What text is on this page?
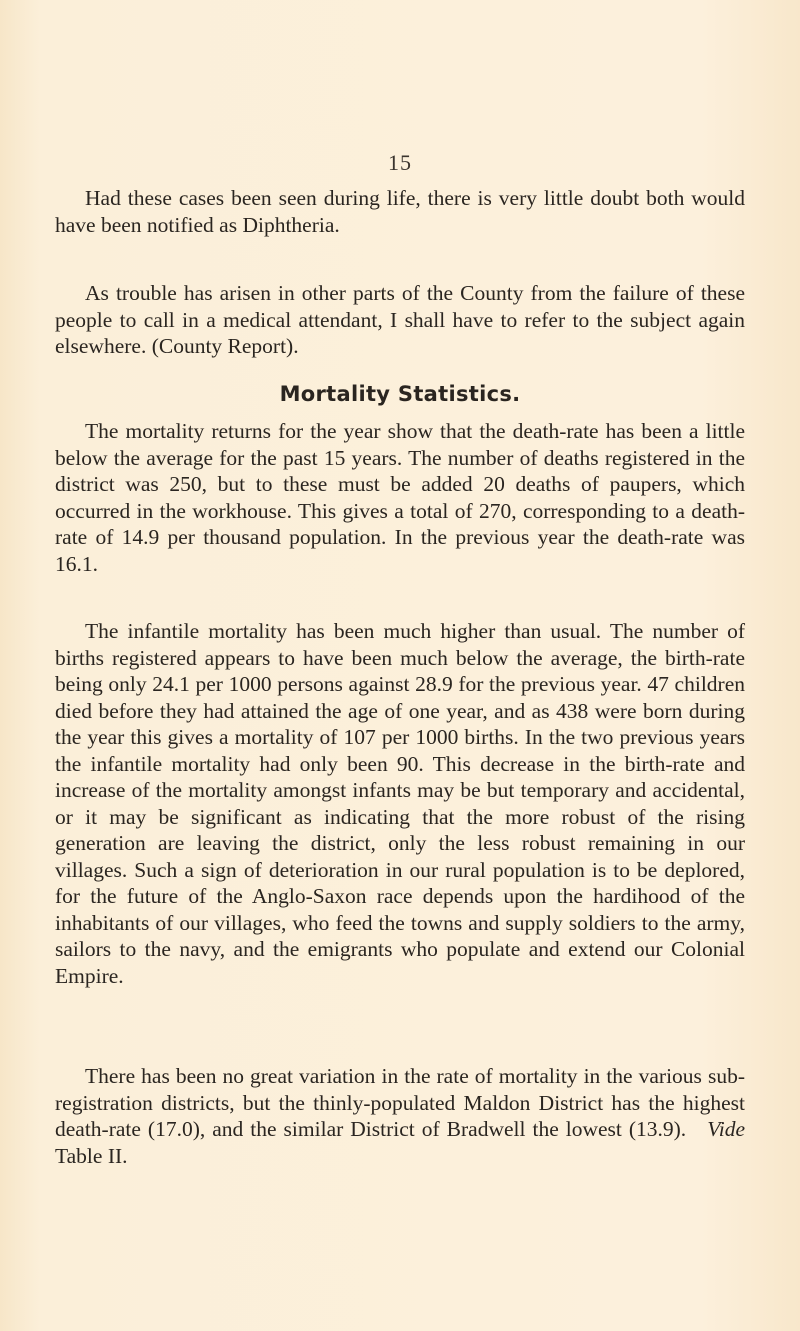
15

Had these cases been seen during life, there is very little doubt both would have been notified as Diphtheria.

As trouble has arisen in other parts of the County from the failure of these people to call in a medical attendant, I shall have to refer to the subject again elsewhere. (County Report).

Mortality Statistics.

The mortality returns for the year show that the death-rate has been a little below the average for the past 15 years. The number of deaths registered in the district was 250, but to these must be added 20 deaths of paupers, which occurred in the workhouse. This gives a total of 270, corresponding to a death-rate of 14.9 per thousand population. In the previous year the death-rate was 16.1.

The infantile mortality has been much higher than usual. The number of births registered appears to have been much below the average, the birth-rate being only 24.1 per 1000 persons against 28.9 for the previous year. 47 children died before they had attained the age of one year, and as 438 were born during the year this gives a mortality of 107 per 1000 births. In the two previous years the infantile mortality had only been 90. This decrease in the birth-rate and increase of the mortality amongst infants may be but temporary and accidental, or it may be significant as indicating that the more robust of the rising generation are leaving the district, only the less robust remaining in our villages. Such a sign of deterioration in our rural population is to be deplored, for the future of the Anglo-Saxon race depends upon the hardihood of the inhabitants of our villages, who feed the towns and supply soldiers to the army, sailors to the navy, and the emigrants who populate and extend our Colonial Empire.

There has been no great variation in the rate of mortality in the various sub-registration districts, but the thinly-populated Maldon District has the highest death-rate (17.0), and the similar District of Bradwell the lowest (13.9). Vide Table II.
